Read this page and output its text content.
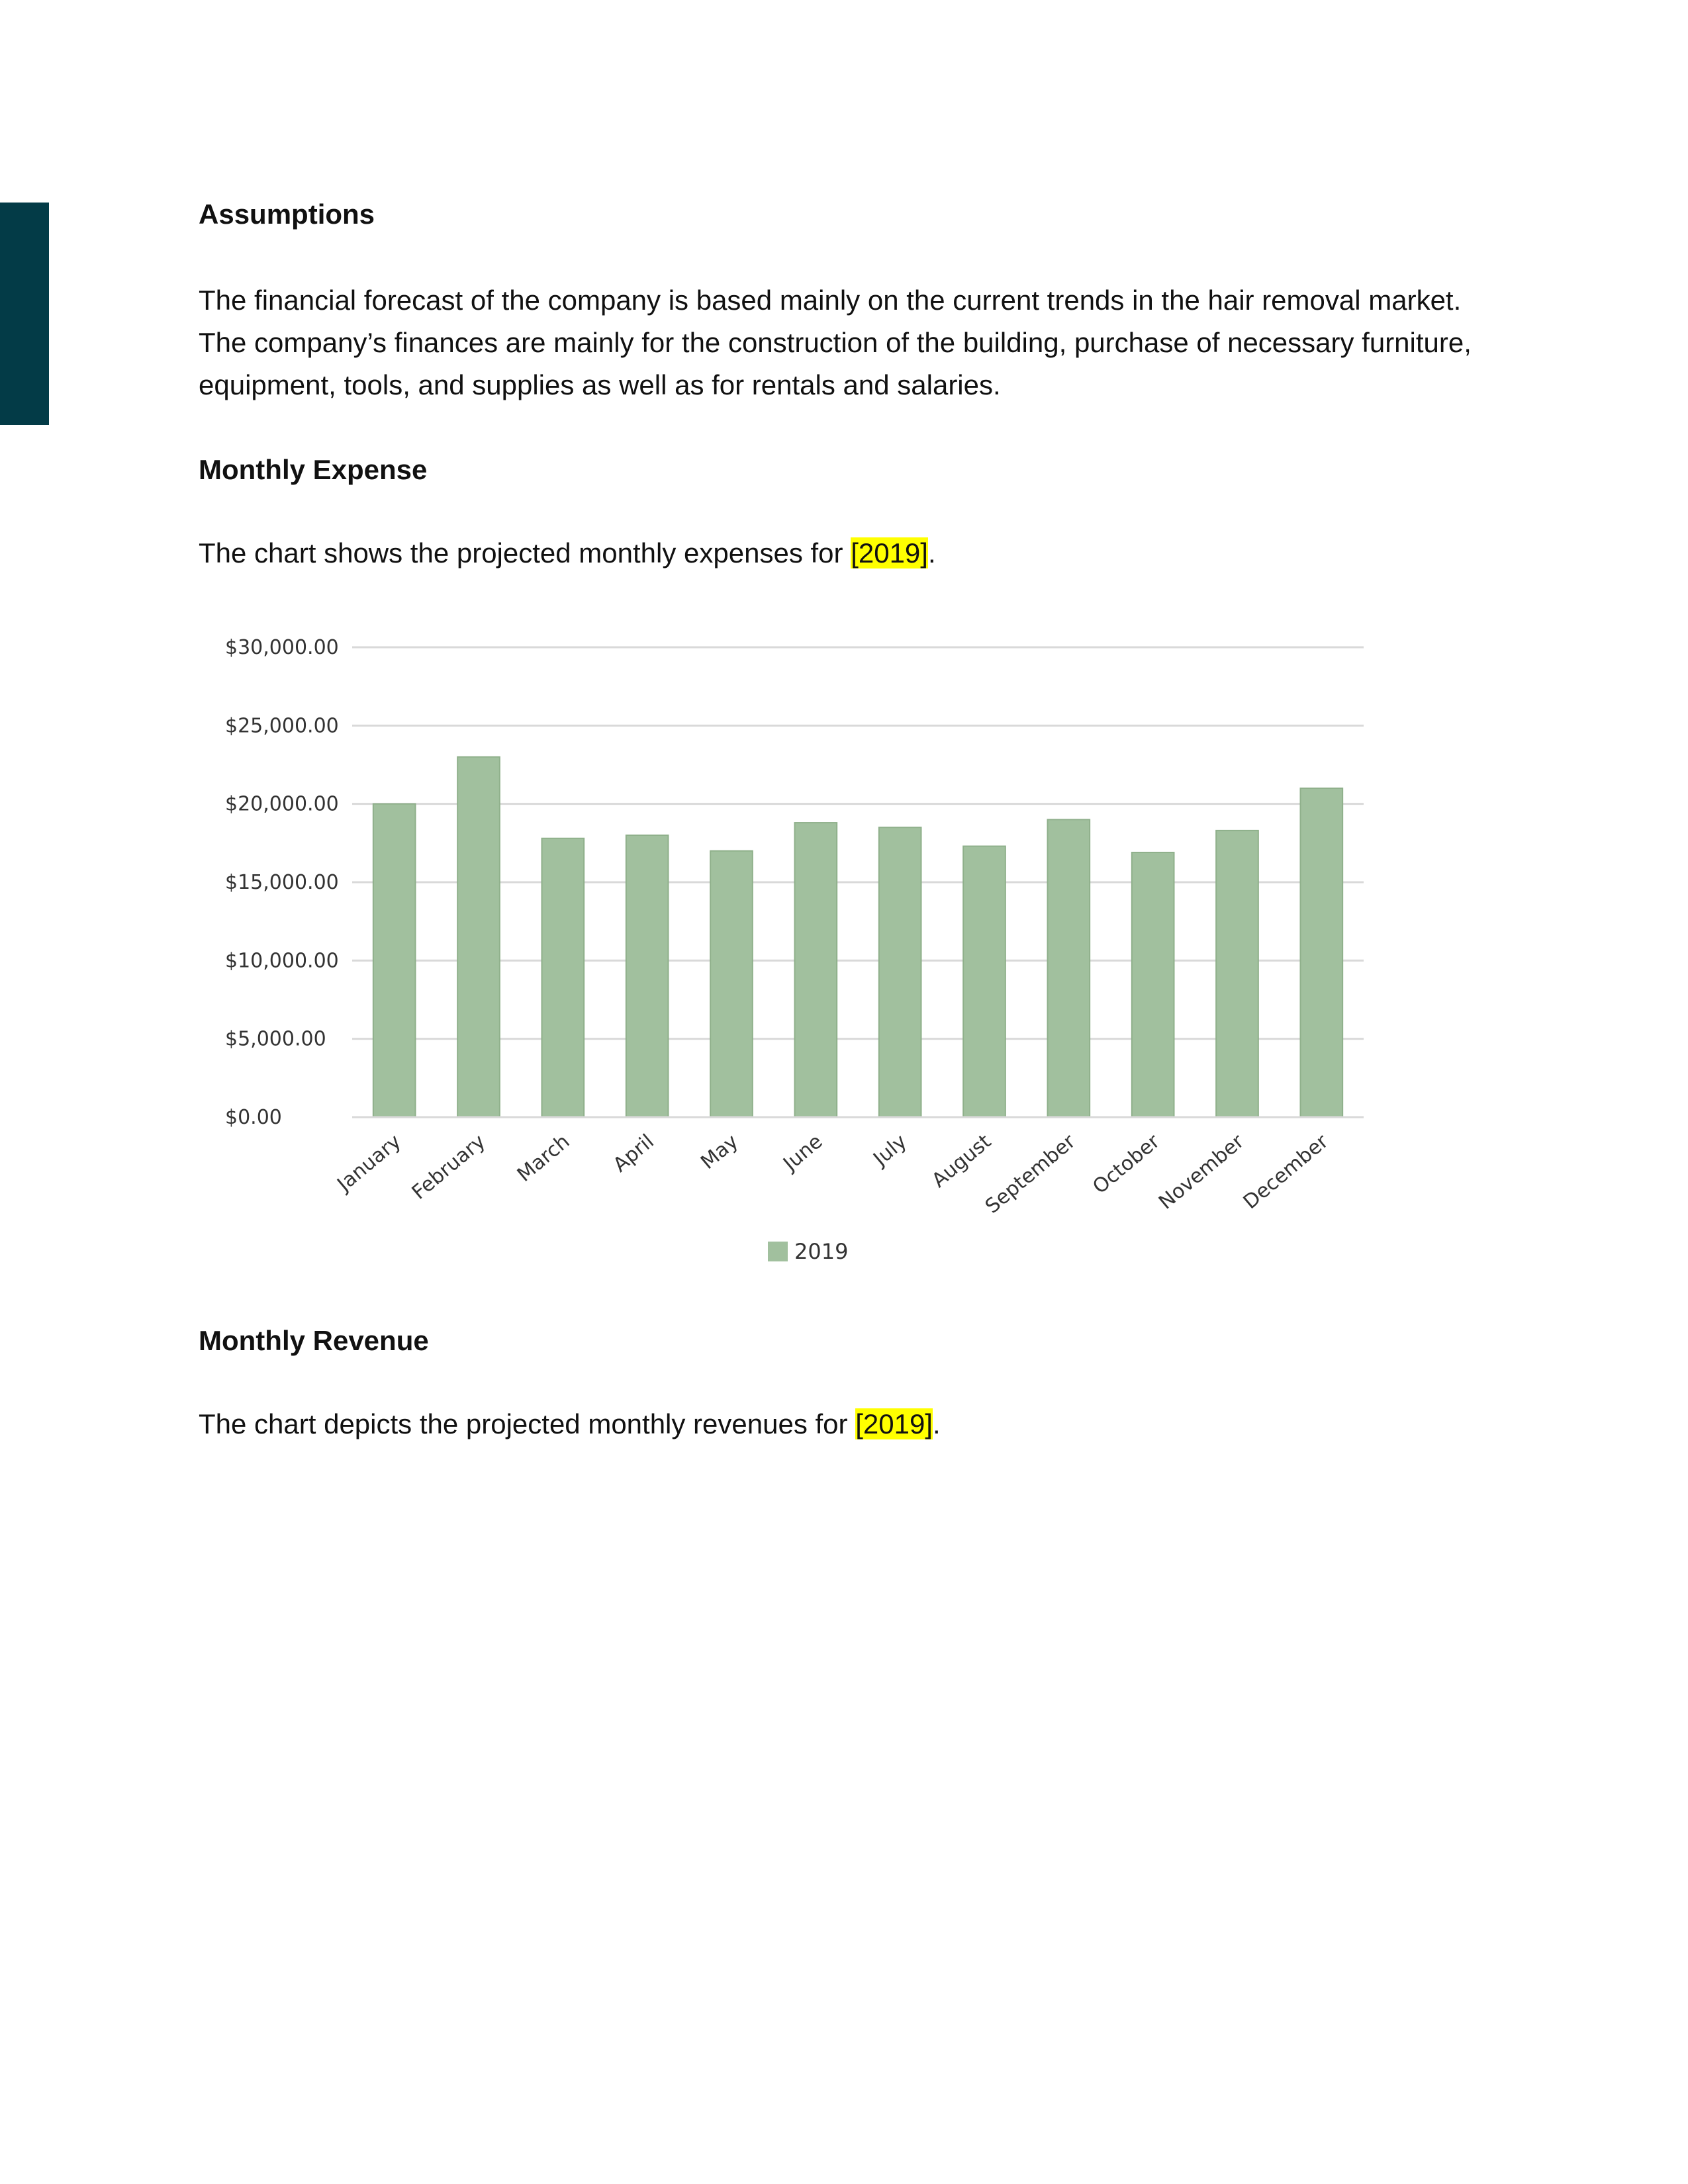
Assumptions

The financial forecast of the company is based mainly on the current trends in the hair removal market. The company’s finances are mainly for the construction of the building, purchase of necessary furniture, equipment, tools, and supplies as well as for rentals and salaries.

Monthly Expense

The chart shows the projected monthly expenses for [2019].

Monthly Revenue

The chart depicts the projected monthly revenues for [2019].

$0.00
$5,000.00
$10,000.00
$15,000.00
$20,000.00
$25,000.00
$30,000.00
January February March April May June July August
September October
November
December
2019
